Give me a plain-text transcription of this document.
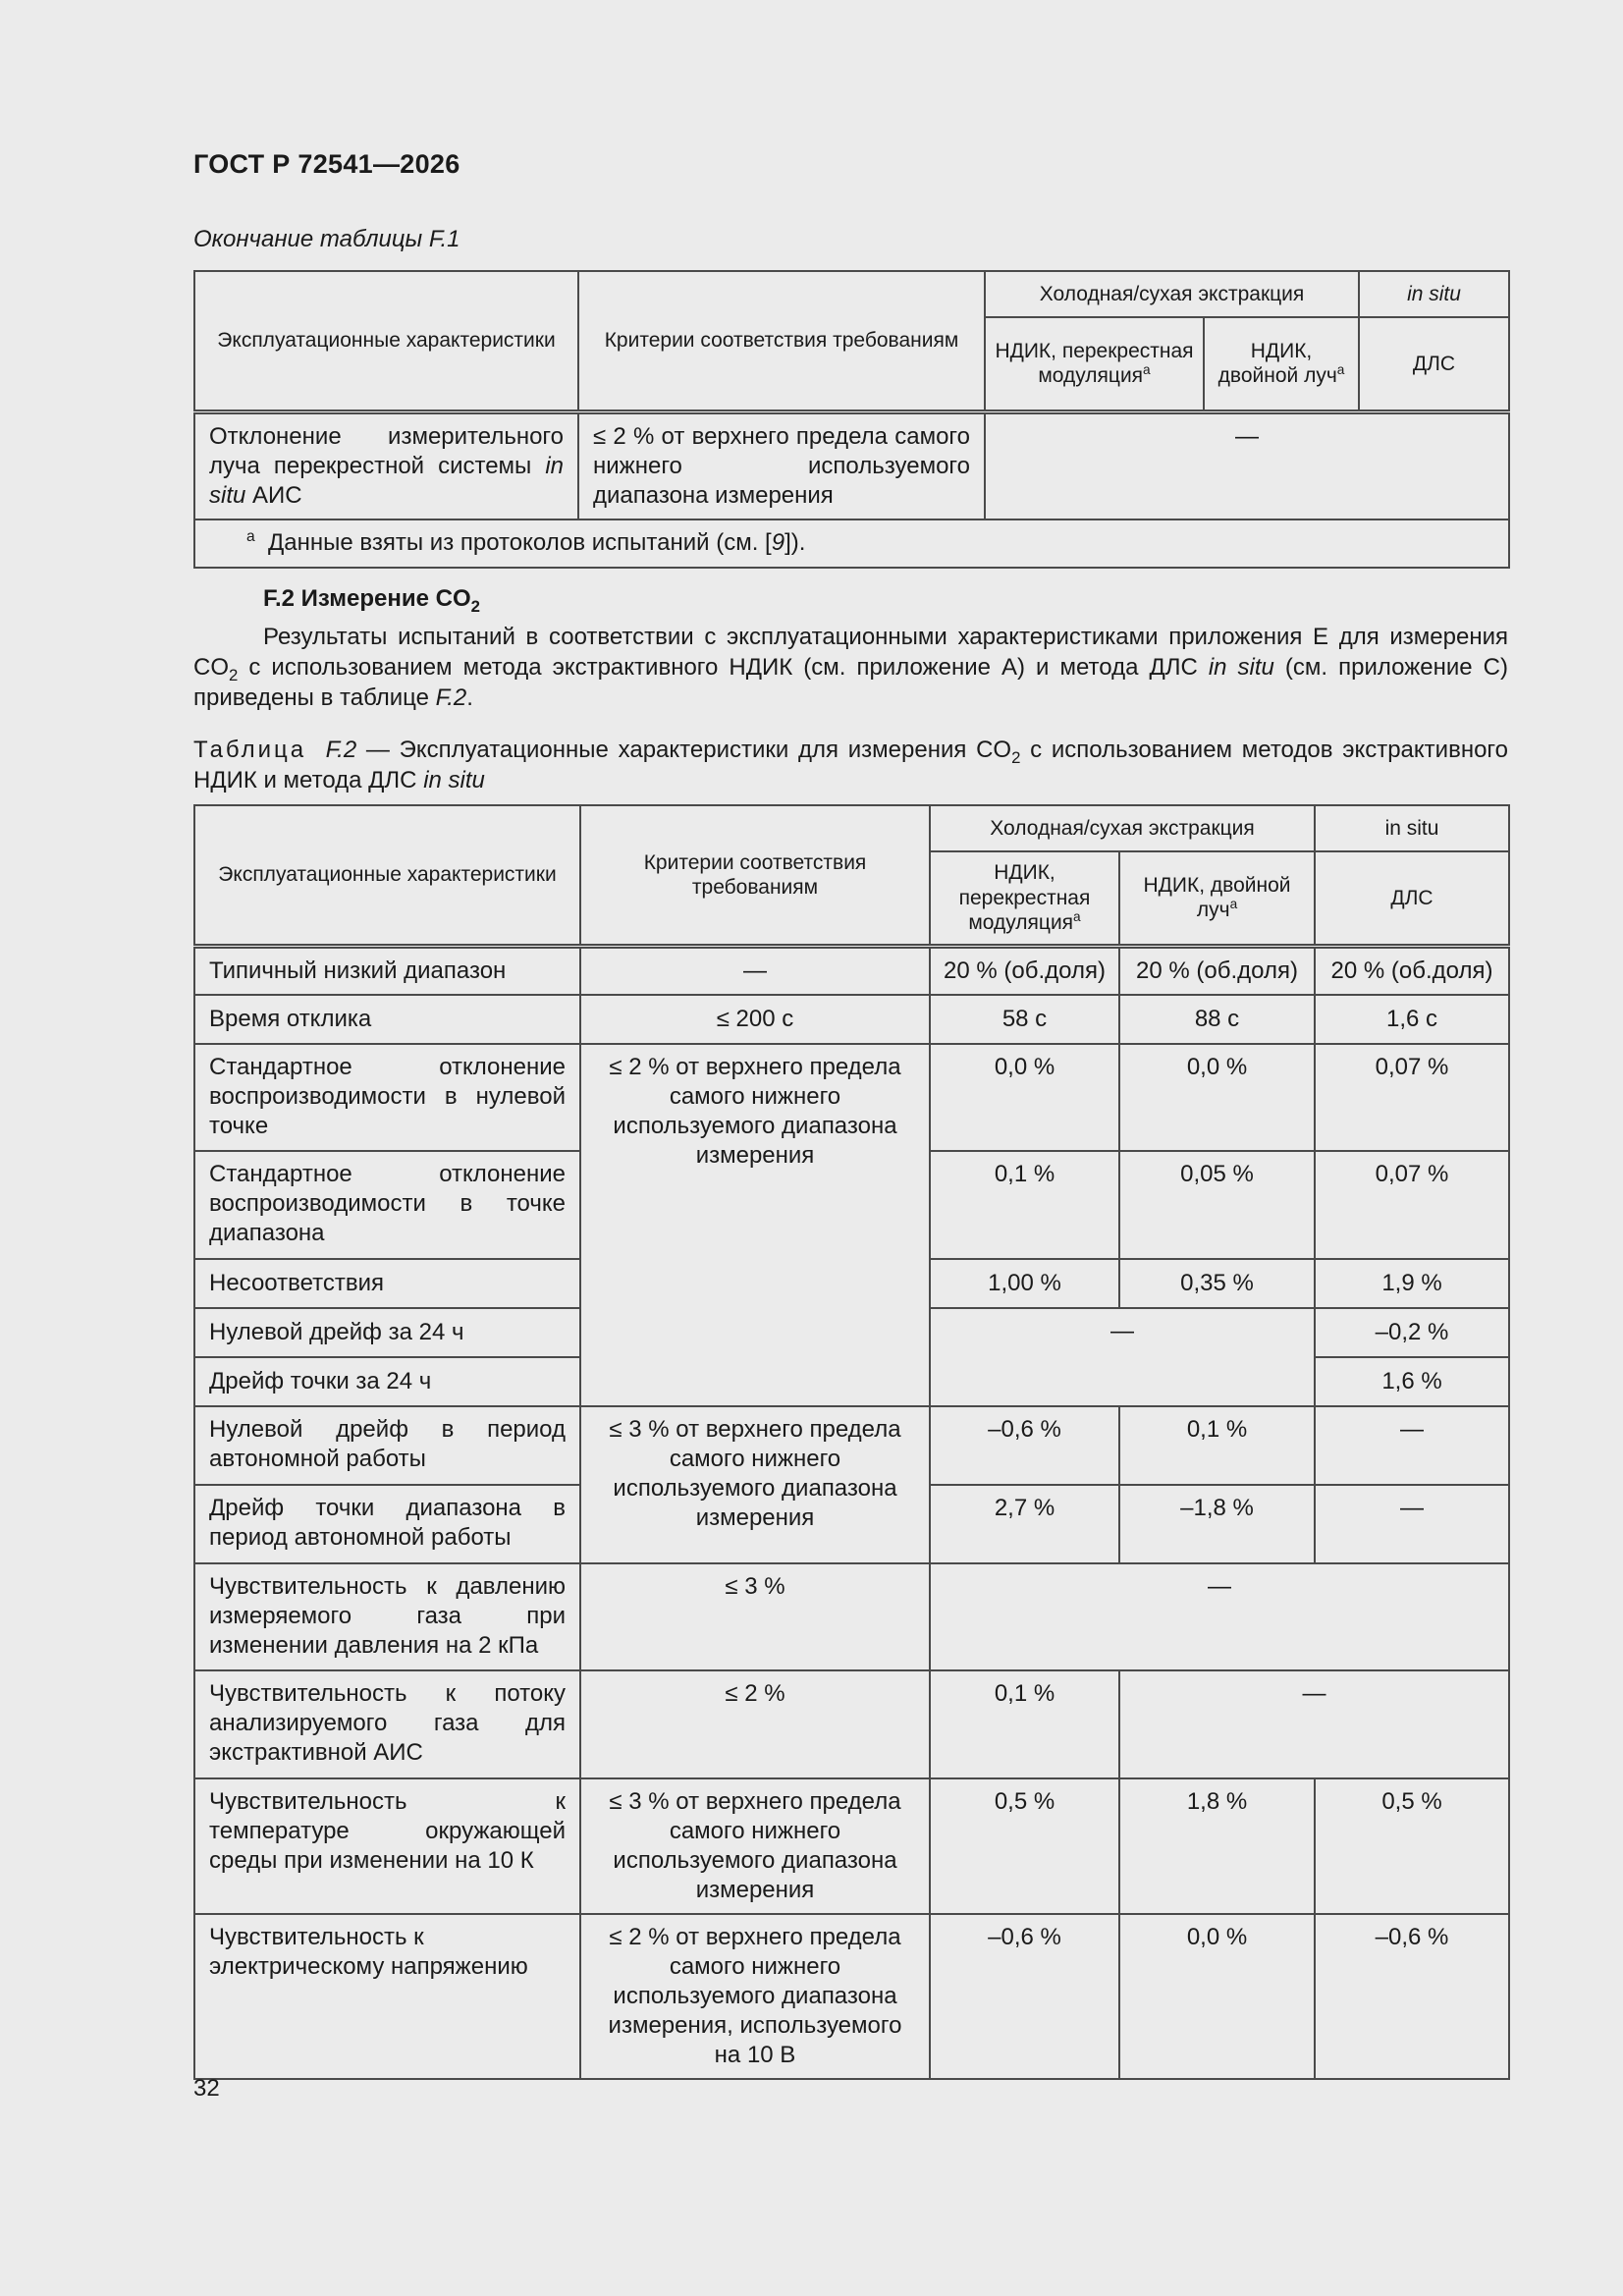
ГОСТ Р 72541—2026
Окончание таблицы F.1
Эксплуатационные характеристики	Критерии соответствия требованиям	Холодная/сухая экстракция		in situ
		НДИК, перекрестная модуляция$^a$	НДИК, двойной луч$^a$	ДЛС
Отклонение измерительного луча перекрестной системы in situ АИС	≤ 2 % от верхнего предела самого нижнего используемого диапазона измерения	—		
$^a$ Данные взяты из протоколов испытаний (см. [9]).				
F.2 Измерение $CO_2$
Результаты испытаний в соответствии с эксплуатационными характеристиками приложения E для измерения $CO_2$ с использованием метода экстрактивного НДИК (см. приложение А) и метода ДЛС in situ (см. приложение C) приведены в таблице F.2.
Таблица F.2 — Эксплуатационные характеристики для измерения $CO_2$ с использованием методов экстрактивного НДИК и метода ДЛС in situ
Эксплуатационные характеристики	Критерии соответствия требованиям	Холодная/сухая экстракция		in situ
		НДИК, перекрестная модуляция$^a$	НДИК, двойной луч$^a$	ДЛС
Типичный низкий диапазон	—	20 % (об.доля)	20 % (об.доля)	20 % (об.доля)
Время отклика	≤ 200 с	58 с	88 с	1,6 с
Стандартное отклонение воспроизводимости в нулевой точке	≤ 2 % от верхнего предела самого нижнего используемого диапазона измерения	0,0 %	0,0 %	0,07 %
Стандартное отклонение воспроизводимости в точке диапазона		0,1 %	0,05 %	0,07 %
Несоответствия		1,00 %	0,35 %	1,9 %
Нулевой дрейф за 24 ч		—		–0,2 %
Дрейф точки за 24 ч				1,6 %
Нулевой дрейф в период автономной работы	≤ 3 % от верхнего предела самого нижнего используемого диапазона измерения	–0,6 %	0,1 %	—
Дрейф точки диапазона в период автономной работы		2,7 %	–1,8 %	—
Чувствительность к давлению измеряемого газа при изменении давления на 2 кПа	≤ 3 %	—		
Чувствительность к потоку анализируемого газа для экстрактивной АИС	≤ 2 %	0,1 %	—	
Чувствительность к температуре окружающей среды при изменении на 10 К	≤ 3 % от верхнего предела самого нижнего используемого диапазона измерения	0,5 %	1,8 %	0,5 %
Чувствительность к электрическому напряжению	≤ 2 % от верхнего предела самого нижнего используемого диапазона измерения, используемого на 10 В	–0,6 %	0,0 %	–0,6 %
32
